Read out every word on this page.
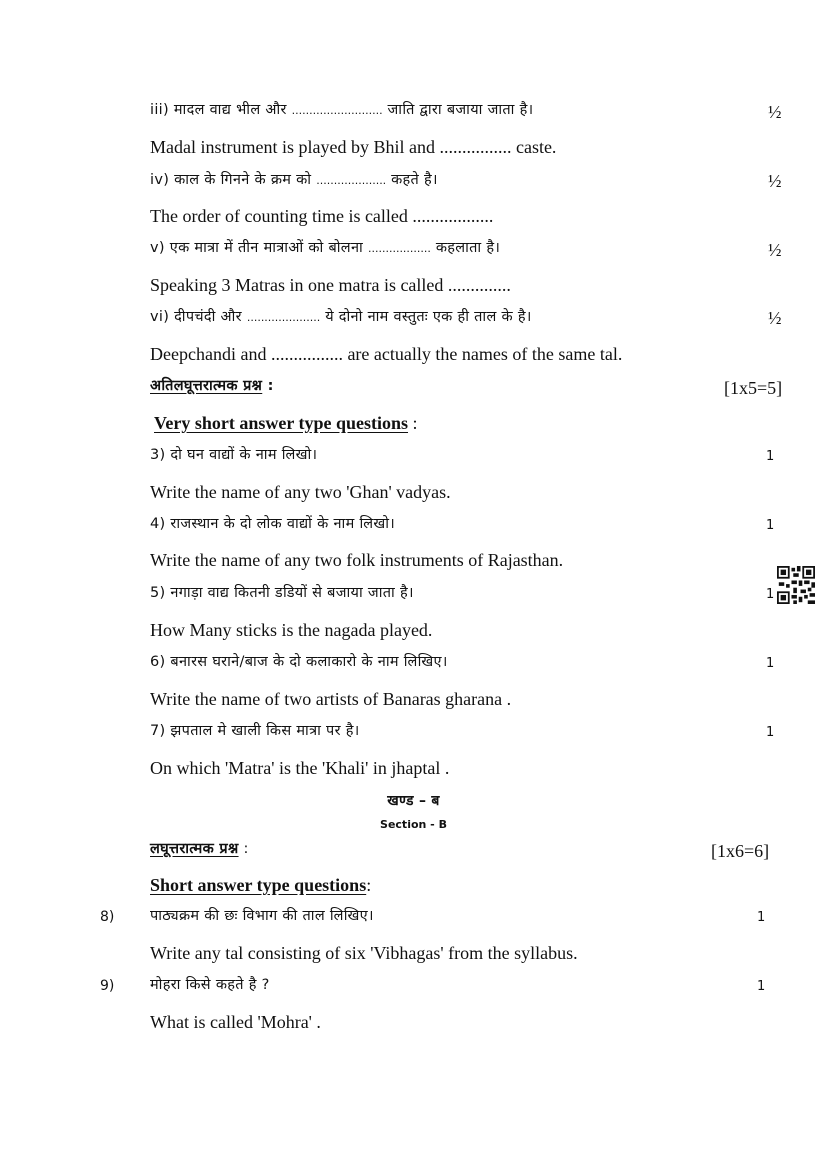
iii) मादल वाद्य भील और .......................... जाति द्वारा बजाया जाता है।	½
Madal instrument is played by Bhil and ................ caste.
iv) काल के गिनने के क्रम को .................... कहते है।	½
The order of counting time is called ..................
v) एक मात्रा में तीन मात्राओं को बोलना .................. कहलाता है।	½
Speaking 3 Matras in one matra is called ..............
vi) दीपचंदी और ..................... ये दोनो नाम वस्तुतः एक ही ताल के है।	½
Deepchandi and ................ are actually the names of the same tal.
अतिलघूत्तरात्मक प्रश्न :	[1x5=5]
Very short answer type questions :
3) दो घन वाद्यों के नाम लिखो।	1
Write the name of any two 'Ghan' vadyas.
4) राजस्थान के दो लोक वाद्यों के नाम लिखो।	1
Write the name of any two folk instruments of Rajasthan.
5) नगाड़ा वाद्य कितनी डडियों से बजाया जाता है।	1
How Many sticks is the nagada played.
6) बनारस घराने/बाज के दो कलाकारो के नाम लिखिए।	1
Write the name of two artists of Banaras gharana .
7) झपताल मे खाली किस मात्रा पर है।	1
On which 'Matra' is the 'Khali' in jhaptal .
खण्ड – ब
Section - B
लघूत्तरात्मक प्रश्न :	[1x6=6]
Short answer type questions:
8) पाठ्यक्रम की छः विभाग की ताल लिखिए।	1
Write any tal consisting of six 'Vibhagas' from the syllabus.
9) मोहरा किसे कहते है ?	1
What is called 'Mohra' .
